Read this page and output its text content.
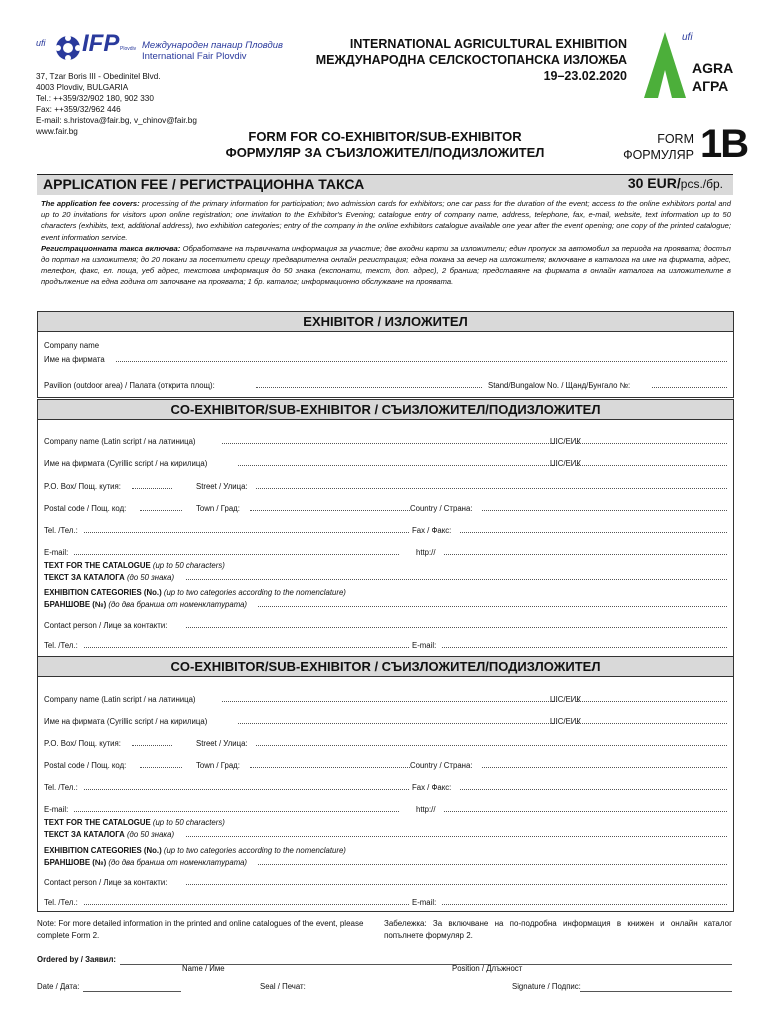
ufi IFP Plovdiv Международен панаир Пловдив
International Fair Plovdiv
37, Tzar Boris III - Obedinitel Blvd.
4003 Plovdiv, BULGARIA
Tel.: ++359/32/902 180, 902 330
Fax: ++359/32/962 446
E-mail: s.hristova@fair.bg, v_chinov@fair.bg
www.fair.bg
INTERNATIONAL AGRICULTURAL EXHIBITION
МЕЖДУНАРОДНА СЕЛСКОСТОПАНСКА ИЗЛОЖБА
19–23.02.2020
ufi
AGRA
АГРА
FORM FOR CO-EXHIBITOR/SUB-EXHIBITOR
ФОРМУЛЯР ЗА СЪИЗЛОЖИТЕЛ/ПОДИЗЛОЖИТЕЛ
FORM
ФОРМУЛЯР 1B
APPLICATION FEE / РЕГИСТРАЦИОННА ТАКСА	30 EUR/pcs./бр.
The application fee covers: processing of the primary information for participation; two admission cards for exhibitors; one car pass for the duration of the event; access to the online exhibitors portal and up to 20 invitations for visitors upon online registration; one invitation to the Exhibitor's Evening; catalogue entry of company name, address, telephone, fax, e-mail, website, text information up to 50 characters (exhibits, text, additional address), two exhibition categories; entry of the company in the online exhibitors catalogue available one year after the event opening; one copy of the printed catalogue; event information service.
Регистрационната такса включва: Обработване на първичната информация за участие; две входни карти за изложители; един пропуск за автомобил за периода на проявата; достъп до портал на изложителя; до 20 покани за посетители срещу предварителна онлайн регистрация; една покана за вечер на изложителя; включване в каталога на име на фирмата, адрес, телефон, факс, ел. поща, уеб адрес, текстова информация до 50 знака (експонати, текст, доп. адрес), 2 бранша; представяне на фирмата в онлайн каталога на изложителите в продължение на една година от започване на проявата; 1 бр. каталог; информационно обслужване на проявата.
EXHIBITOR / ИЗЛОЖИТЕЛ
Company name
Име на фирмата
Pavilion (outdoor area) / Палата (открита площ):	Stand/Bungalow No. / Щанд/Бунгало №:
CO-EXHIBITOR/SUB-EXHIBITOR / СЪИЗЛОЖИТЕЛ/ПОДИЗЛОЖИТЕЛ
Company name (Latin script / на латиница)	UIC/ЕИК
Име на фирмата (Cyrillic script / на кирилица)	UIC/ЕИК
P.O. Box/ Пощ. кутия:	Street / Улица:
Postal code / Пощ. код:	Town / Град:	Country / Страна:
Tel. /Тел.:	Fax / Факс:
E-mail:	http://
TEXT FOR THE CATALOGUE (up to 50 characters)
ТЕКСТ ЗА КАТАЛОГА (до 50 знака)
EXHIBITION CATEGORIES (No.) (up to two categories according to the nomenclature)
БРАНШОВЕ (№) (до два бранша от номенклатурата)
Contact person / Лице за контакти:
Tel. /Тел.:	E-mail:
CO-EXHIBITOR/SUB-EXHIBITOR / СЪИЗЛОЖИТЕЛ/ПОДИЗЛОЖИТЕЛ
Company name (Latin script / на латиница)	UIC/ЕИК
Име на фирмата (Cyrillic script / на кирилица)	UIC/ЕИК
P.O. Box/ Пощ. кутия:	Street / Улица:
Postal code / Пощ. код:	Town / Град:	Country / Страна:
Tel. /Тел.:	Fax / Факс:
E-mail:	http://
TEXT FOR THE CATALOGUE (up to 50 characters)
ТЕКСТ ЗА КАТАЛОГА (до 50 знака)
EXHIBITION CATEGORIES (No.) (up to two categories according to the nomenclature)
БРАНШОВЕ (№) (до два бранша от номенклатурата)
Contact person / Лице за контакти:
Tel. /Тел.:	E-mail:
Note: For more detailed information in the printed and online catalogues of the event, please complete Form 2.
Забележка: За включване на по-подробна информация в книжен и онлайн каталог попълнете формуляр 2.
Ordered by / Заявил:
Name / Име	Position / Длъжност
Date / Дата:	Seal / Печат:	Signature / Подпис:
